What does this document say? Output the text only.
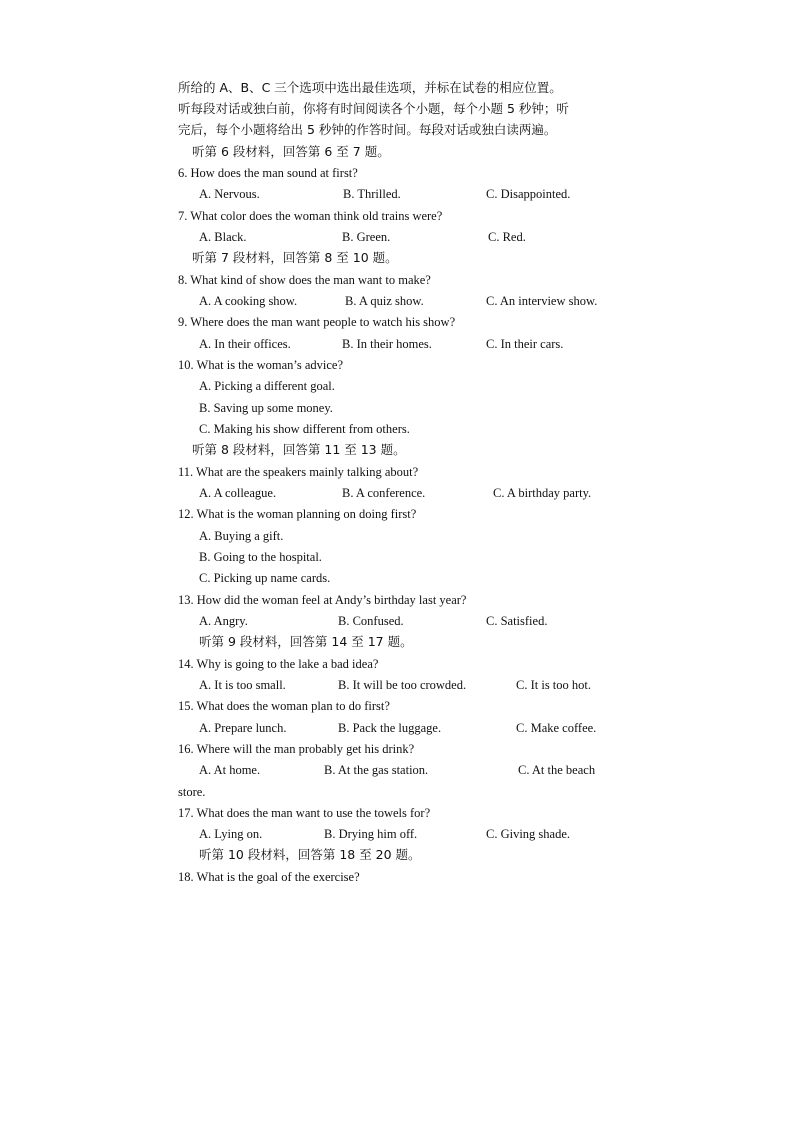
所给的 A、B、C 三个选项中选出最佳选项，并标在试卷的相应位置。
听每段对话或独白前，你将有时间阅读各个小题，每个小题 5 秒钟；听
完后，每个小题将给出 5 秒钟的作答时间。每段对话或独白读两遍。
听第 6 段材料，回答第 6 至 7 题。
6. How does the man sound at first?
A. Nervous.	B. Thrilled.	C. Disappointed.
7. What color does the woman think old trains were?
A. Black.	B. Green.	C. Red.
听第 7 段材料，回答第 8 至 10 题。
8. What kind of show does the man want to make?
A. A cooking show.	B. A quiz show.	C. An interview show.
9. Where does the man want people to watch his show?
A. In their offices.	B. In their homes.	C. In their cars.
10. What is the woman’s advice?
A. Picking a different goal.
B. Saving up some money.
C. Making his show different from others.
听第 8 段材料，回答第 11 至 13 题。
11. What are the speakers mainly talking about?
A. A colleague.	B. A conference.	C. A birthday party.
12. What is the woman planning on doing first?
A. Buying a gift.
B. Going to the hospital.
C. Picking up name cards.
13. How did the woman feel at Andy’s birthday last year?
A. Angry.	B. Confused.	C. Satisfied.
听第 9 段材料，回答第 14 至 17 题。
14. Why is going to the lake a bad idea?
A. It is too small.	B. It will be too crowded.	C. It is too hot.
15. What does the woman plan to do first?
A. Prepare lunch.	B. Pack the luggage.	C. Make coffee.
16. Where will the man probably get his drink?
A. At home.	B. At the gas station.	C. At the beach
store.
17. What does the man want to use the towels for?
A. Lying on.	B. Drying him off.	C. Giving shade.
听第 10 段材料，回答第 18 至 20 题。
18. What is the goal of the exercise?
